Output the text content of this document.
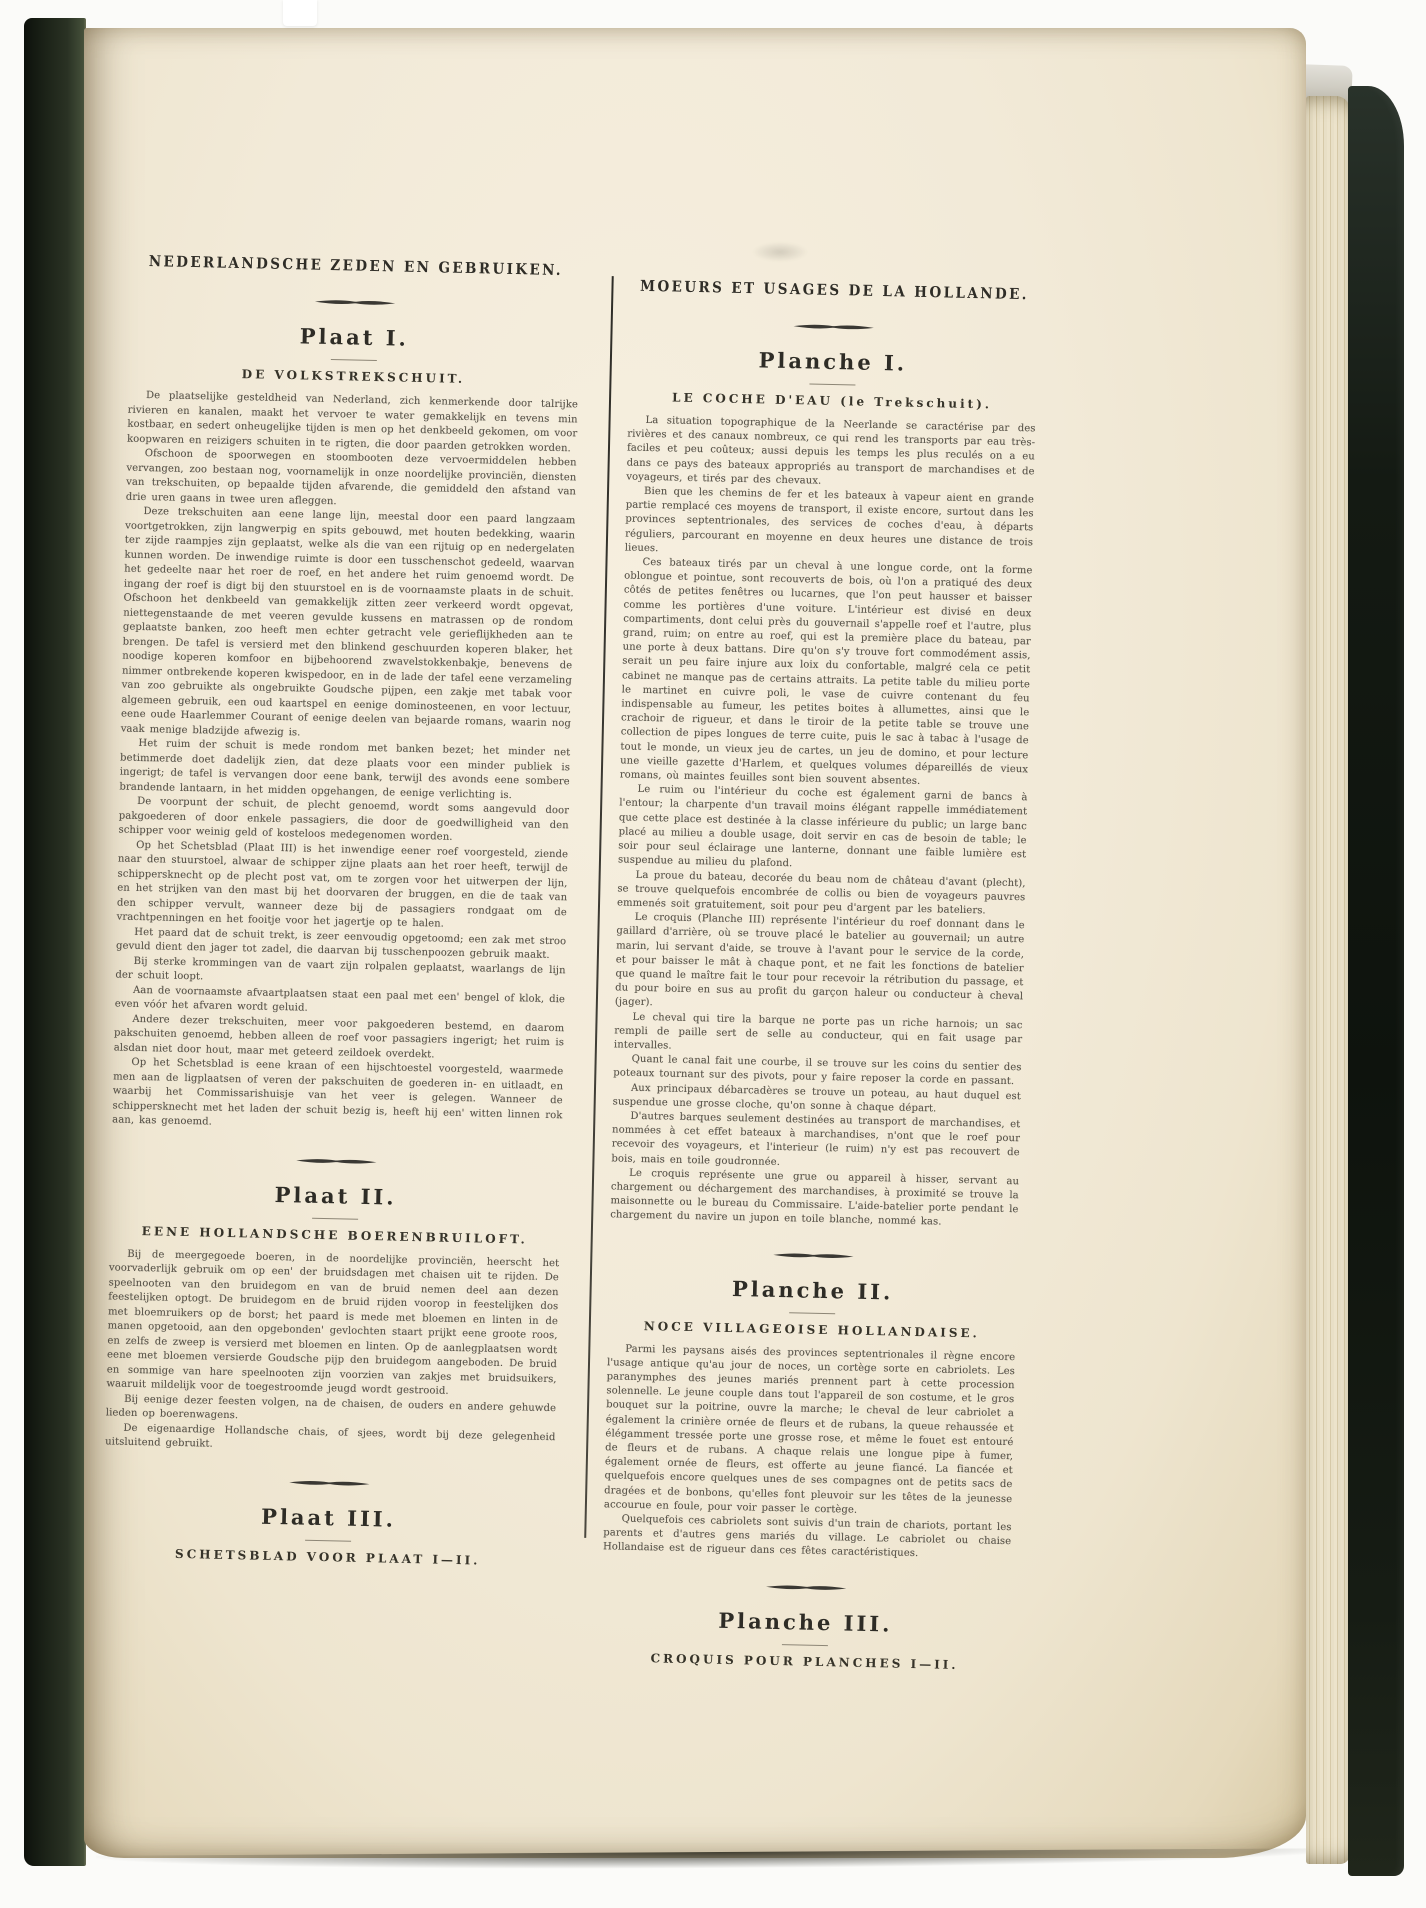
NEDERLANDSCHE ZEDEN EN GEBRUIKEN.
Plaat I.
DE VOLKSTREKSCHUIT.

De plaatselijke gesteldheid van Nederland, zich kenmerkende door talrijke rivieren en kanalen, maakt het vervoer te water gemakkelijk en tevens min kostbaar, en sedert onheugelijke tijden is men op het denkbeeld gekomen, om voor koopwaren en reizigers schuiten in te rigten, die door paarden getrokken worden.

Ofschoon de spoorwegen en stoombooten deze vervoermiddelen hebben vervangen, zoo bestaan nog, voornamelijk in onze noordelijke provinciën, diensten van trekschuiten, op bepaalde tijden afvarende, die gemiddeld den afstand van drie uren gaans in twee uren afleggen.

Deze trekschuiten aan eene lange lijn, meestal door een paard langzaam voortgetrokken, zijn langwerpig en spits gebouwd, met houten bedekking, waarin ter zijde raampjes zijn geplaatst, welke als die van een rijtuig op en nedergelaten kunnen worden. De inwendige ruimte is door een tusschenschot gedeeld, waarvan het gedeelte naar het roer de roef, en het andere het ruim genoemd wordt. De ingang der roef is digt bij den stuurstoel en is de voornaamste plaats in de schuit. Ofschoon het denkbeeld van gemakkelijk zitten zeer verkeerd wordt opgevat, niettegenstaande de met veeren gevulde kussens en matrassen op de rondom geplaatste banken, zoo heeft men echter getracht vele gerieflijkheden aan te brengen. De tafel is versierd met den blinkend geschuurden koperen blaker, het noodige koperen komfoor en bijbehoorend zwavelstokkenbakje, benevens de nimmer ontbrekende koperen kwispedoor, en in de lade der tafel eene verzameling van zoo gebruikte als ongebruikte Goudsche pijpen, een zakje met tabak voor algemeen gebruik, een oud kaartspel en eenige dominosteenen, en voor lectuur, eene oude Haarlemmer Courant of eenige deelen van bejaarde romans, waarin nog vaak menige bladzijde afwezig is.

Het ruim der schuit is mede rondom met banken bezet; het minder net betimmerde doet dadelijk zien, dat deze plaats voor een minder publiek is ingerigt; de tafel is vervangen door eene bank, terwijl des avonds eene sombere brandende lantaarn, in het midden opgehangen, de eenige verlichting is.

De voorpunt der schuit, de plecht genoemd, wordt soms aangevuld door pakgoederen of door enkele passagiers, die door de goedwilligheid van den schipper voor weinig geld of kosteloos medegenomen worden.

Op het Schetsblad (Plaat III) is het inwendige eener roef voorgesteld, ziende naar den stuurstoel, alwaar de schipper zijne plaats aan het roer heeft, terwijl de schippersknecht op de plecht post vat, om te zorgen voor het uitwerpen der lijn, en het strijken van den mast bij het doorvaren der bruggen, en die de taak van den schipper vervult, wanneer deze bij de passagiers rondgaat om de vrachtpenningen en het fooitje voor het jagertje op te halen.

Het paard dat de schuit trekt, is zeer eenvoudig opgetoomd; een zak met stroo gevuld dient den jager tot zadel, die daarvan bij tusschenpoozen gebruik maakt.

Bij sterke krommingen van de vaart zijn rolpalen geplaatst, waarlangs de lijn der schuit loopt.

Aan de voornaamste afvaartplaatsen staat een paal met een' bengel of klok, die even vóór het afvaren wordt geluid.

Andere dezer trekschuiten, meer voor pakgoederen bestemd, en daarom pakschuiten genoemd, hebben alleen de roef voor passagiers ingerigt; het ruim is alsdan niet door hout, maar met geteerd zeildoek overdekt.

Op het Schetsblad is eene kraan of een hijschtoestel voorgesteld, waarmede men aan de ligplaatsen of veren der pakschuiten de goederen in- en uitlaadt, en waarbij het Commissarishuisje van het veer is gelegen. Wanneer de schippersknecht met het laden der schuit bezig is, heeft hij een' witten linnen rok aan, kas genoemd.

Plaat II.
EENE HOLLANDSCHE BOERENBRUILOFT.

Bij de meergegoede boeren, in de noordelijke provinciën, heerscht het voorvaderlijk gebruik om op een' der bruidsdagen met chaisen uit te rijden. De speelnooten van den bruidegom en van de bruid nemen deel aan dezen feestelijken optogt. De bruidegom en de bruid rijden voorop in feestelijken dos met bloemruikers op de borst; het paard is mede met bloemen en linten in de manen opgetooid, aan den opgebonden' gevlochten staart prijkt eene groote roos, en zelfs de zweep is versierd met bloemen en linten. Op de aanlegplaatsen wordt eene met bloemen versierde Goudsche pijp den bruidegom aangeboden. De bruid en sommige van hare speelnooten zijn voorzien van zakjes met bruidsuikers, waaruit mildelijk voor de toegestroomde jeugd wordt gestrooid.

Bij eenige dezer feesten volgen, na de chaisen, de ouders en andere gehuwde lieden op boerenwagens.

De eigenaardige Hollandsche chais, of sjees, wordt bij deze gelegenheid uitsluitend gebruikt.

Plaat III.
SCHETSBLAD VOOR PLAAT I—II.
MOEURS ET USAGES DE LA HOLLANDE.
Planche I.
LE COCHE D'EAU (le Trekschuit).

La situation topographique de la Neerlande se caractérise par des rivières et des canaux nombreux, ce qui rend les transports par eau très-faciles et peu coûteux; aussi depuis les temps les plus reculés on a eu dans ce pays des bateaux appropriés au transport de marchandises et de voyageurs, et tirés par des chevaux.

Bien que les chemins de fer et les bateaux à vapeur aient en grande partie remplacé ces moyens de transport, il existe encore, surtout dans les provinces septentrionales, des services de coches d'eau, à départs réguliers, parcourant en moyenne en deux heures une distance de trois lieues.

Ces bateaux tirés par un cheval à une longue corde, ont la forme oblongue et pointue, sont recouverts de bois, où l'on a pratiqué des deux côtés de petites fenêtres ou lucarnes, que l'on peut hausser et baisser comme les portières d'une voiture. L'intérieur est divisé en deux compartiments, dont celui près du gouvernail s'appelle roef et l'autre, plus grand, ruim; on entre au roef, qui est la première place du bateau, par une porte à deux battans. Dire qu'on s'y trouve fort commodément assis, serait un peu faire injure aux loix du confortable, malgré cela ce petit cabinet ne manque pas de certains attraits. La petite table du milieu porte le martinet en cuivre poli, le vase de cuivre contenant du feu indispensable au fumeur, les petites boites à allumettes, ainsi que le crachoir de rigueur, et dans le tiroir de la petite table se trouve une collection de pipes longues de terre cuite, puis le sac à tabac à l'usage de tout le monde, un vieux jeu de cartes, un jeu de domino, et pour lecture une vieille gazette d'Harlem, et quelques volumes dépareillés de vieux romans, où maintes feuilles sont bien souvent absentes.

Le ruim ou l'intérieur du coche est également garni de bancs à l'entour; la charpente d'un travail moins élégant rappelle immédiatement que cette place est destinée à la classe inférieure du public; un large banc placé au milieu a double usage, doit servir en cas de besoin de table; le soir pour seul éclairage une lanterne, donnant une faible lumière est suspendue au milieu du plafond.

La proue du bateau, decorée du beau nom de château d'avant (plecht), se trouve quelquefois encombrée de collis ou bien de voyageurs pauvres emmenés soit gratuitement, soit pour peu d'argent par les bateliers.

Le croquis (Planche III) représente l'intérieur du roef donnant dans le gaillard d'arrière, où se trouve placé le batelier au gouvernail; un autre marin, lui servant d'aide, se trouve à l'avant pour le service de la corde, et pour baisser le mât à chaque pont, et ne fait les fonctions de batelier que quand le maître fait le tour pour recevoir la rétribution du passage, et du pour boire en sus au profit du garçon haleur ou conducteur à cheval (jager).

Le cheval qui tire la barque ne porte pas un riche harnois; un sac rempli de paille sert de selle au conducteur, qui en fait usage par intervalles.

Quant le canal fait une courbe, il se trouve sur les coins du sentier des poteaux tournant sur des pivots, pour y faire reposer la corde en passant.

Aux principaux débarcadères se trouve un poteau, au haut duquel est suspendue une grosse cloche, qu'on sonne à chaque départ.

D'autres barques seulement destinées au transport de marchandises, et nommées à cet effet bateaux à marchandises, n'ont que le roef pour recevoir des voyageurs, et l'interieur (le ruim) n'y est pas recouvert de bois, mais en toile goudronnée.

Le croquis représente une grue ou appareil à hisser, servant au chargement ou déchargement des marchandises, à proximité se trouve la maisonnette ou le bureau du Commissaire. L'aide-batelier porte pendant le chargement du navire un jupon en toile blanche, nommé kas.

Planche II.
NOCE VILLAGEOISE HOLLANDAISE.

Parmi les paysans aisés des provinces septentrionales il règne encore l'usage antique qu'au jour de noces, un cortège sorte en cabriolets. Les paranymphes des jeunes mariés prennent part à cette procession solennelle. Le jeune couple dans tout l'appareil de son costume, et le gros bouquet sur la poitrine, ouvre la marche; le cheval de leur cabriolet a également la crinière ornée de fleurs et de rubans, la queue rehaussée et élégamment tressée porte une grosse rose, et même le fouet est entouré de fleurs et de rubans. A chaque relais une longue pipe à fumer, également ornée de fleurs, est offerte au jeune fiancé. La fiancée et quelquefois encore quelques unes de ses compagnes ont de petits sacs de dragées et de bonbons, qu'elles font pleuvoir sur les têtes de la jeunesse accourue en foule, pour voir passer le cortège.

Quelquefois ces cabriolets sont suivis d'un train de chariots, portant les parents et d'autres gens mariés du village. Le cabriolet ou chaise Hollandaise est de rigueur dans ces fêtes caractéristiques.

Planche III.
CROQUIS POUR PLANCHES I—II.
